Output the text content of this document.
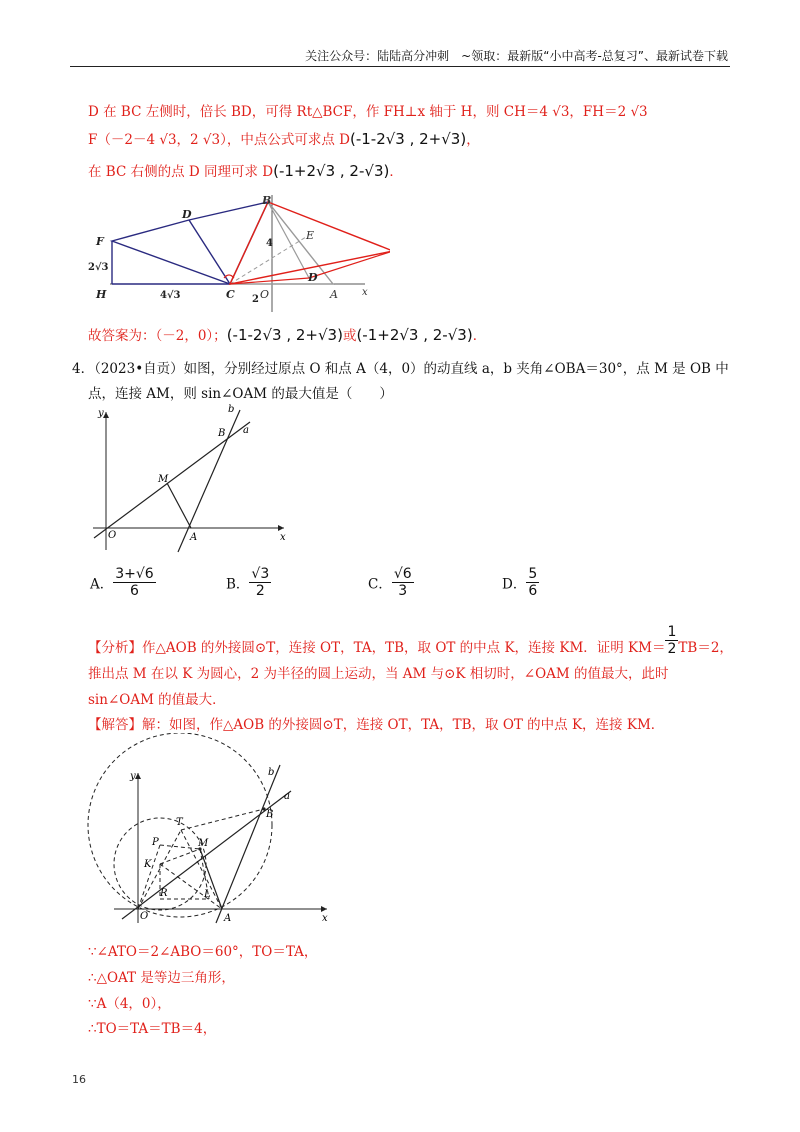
关注公众号：陆陆高分冲刺　~领取：最新版“小中高考-总复习”、最新试卷下载
D 在 BC 左侧时，倍长 BD，可得 Rt△BCF，作 FH⊥x 轴于 H，则 CH＝4 √3，FH＝2 √3
F（－2－4 √3，2 √3），中点公式可求点 D(-1-2√3 , 2+√3)，
在 BC 右侧的点 D 同理可求 D(-1+2√3 , 2-√3)．
B
D
E
F
H	C O	A
D
x
4
2
2√3
4√3
故答案为：（－2，0）；(-1-2√3 , 2+√3)或(-1+2√3 , 2-√3)．
4．（2023•自贡）如图，分别经过原点 O 和点 A（4，0）的动直线 a，b 夹角∠OBA＝30°，点 M 是 OB 中
点，连接 AM，则 sin∠OAM 的最大值是（　　）
O	A
M
B
b
a
y
x
A． $\frac{3+√6}{6}$	B． $\frac{√3}{2}$	C． $\frac{√6}{3}$	D． $\frac{5}{6}$
【分析】作△AOB 的外接圆⊙T，连接 OT，TA，TB，取 OT 的中点 K，连接 KM．证明 $KM= \frac{1}{2} TB=2$，
推出点 M 在以 K 为圆心，2 为半径的圆上运动，当 AM 与⊙K 相切时，∠OAM 的值最大，此时
sin∠OAM 的值最大．
【解答】解：如图，作△AOB 的外接圆⊙T，连接 OT，TA，TB，取 OT 的中点 K，连接 KM．
y	b
a
B
T
P	M
K
R	L
O	A	x
∵∠ATO＝2∠ABO＝60°，TO＝TA，
∴△OAT 是等边三角形，
∵A（4，0），
∴TO＝TA＝TB＝4，
16
